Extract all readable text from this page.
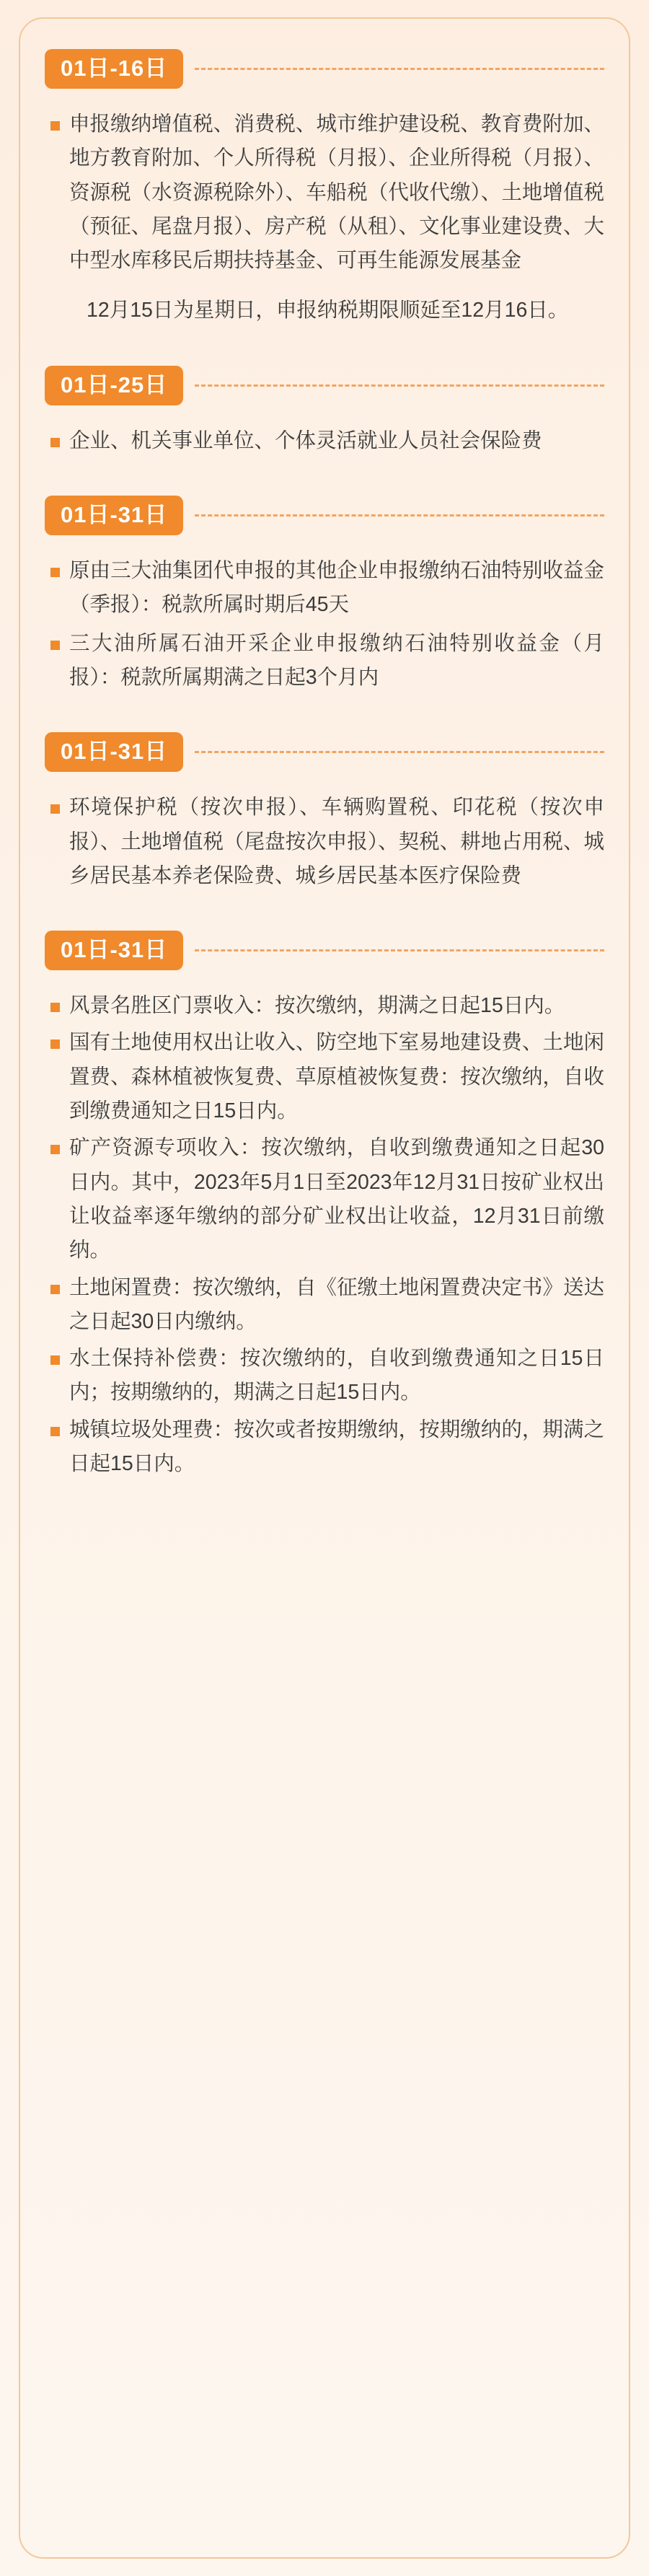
01日-16日
申报缴纳增值税、消费税、城市维护建设税、教育费附加、地方教育附加、个人所得税（月报）、企业所得税（月报）、资源税（水资源税除外）、车船税（代收代缴）、土地增值税（预征、尾盘月报）、房产税（从租）、文化事业建设费、大中型水库移民后期扶持基金、可再生能源发展基金
12月15日为星期日，申报纳税期限顺延至12月16日。
01日-25日
企业、机关事业单位、个体灵活就业人员社会保险费
01日-31日
原由三大油集团代申报的其他企业申报缴纳石油特别收益金（季报）：税款所属时期后45天
三大油所属石油开采企业申报缴纳石油特别收益金（月报）：税款所属期满之日起3个月内
01日-31日
环境保护税（按次申报）、车辆购置税、印花税（按次申报）、土地增值税（尾盘按次申报）、契税、耕地占用税、城乡居民基本养老保险费、城乡居民基本医疗保险费
01日-31日
风景名胜区门票收入：按次缴纳，期满之日起15日内。
国有土地使用权出让收入、防空地下室易地建设费、土地闲置费、森林植被恢复费、草原植被恢复费：按次缴纳，自收到缴费通知之日15日内。
矿产资源专项收入：按次缴纳，自收到缴费通知之日起30日内。其中，2023年5月1日至2023年12月31日按矿业权出让收益率逐年缴纳的部分矿业权出让收益，12月31日前缴纳。
土地闲置费：按次缴纳，自《征缴土地闲置费决定书》送达之日起30日内缴纳。
水土保持补偿费：按次缴纳的，自收到缴费通知之日15日内；按期缴纳的，期满之日起15日内。
城镇垃圾处理费：按次或者按期缴纳，按期缴纳的，期满之日起15日内。
